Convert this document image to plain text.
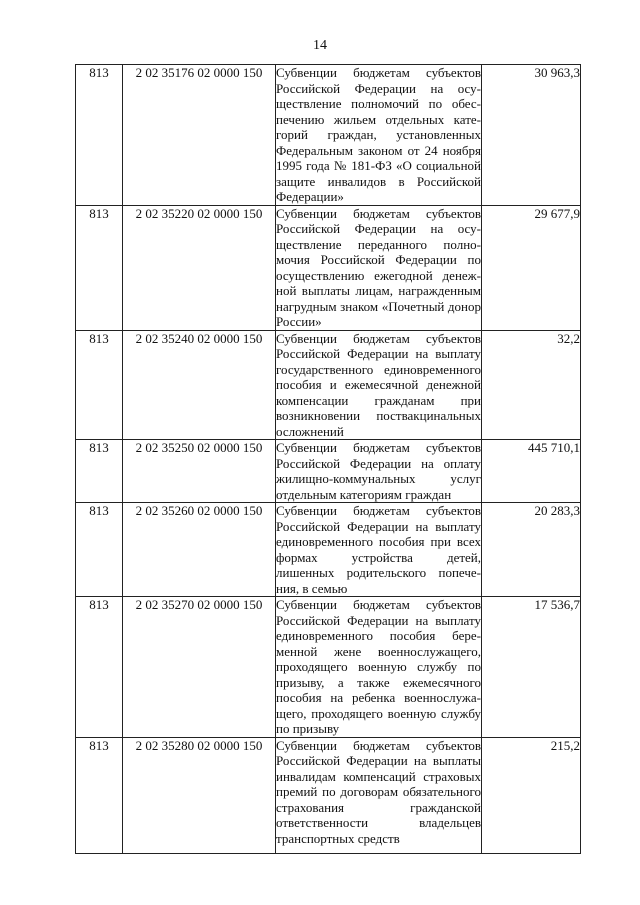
14
813	2 02 35176 02 0000 150	Субвенции бюджетам субъектов Российской Федерации на осуществление полномочий по обеспечению жильем отдельных категорий граждан, установленных Федеральным законом от 24 ноября 1995 года № 181-ФЗ «О социальной защите инвалидов в Российской Федерации»	30 963,3
813	2 02 35220 02 0000 150	Субвенции бюджетам субъектов Российской Федерации на осуществление переданного полномочия Российской Федерации по осуществлению ежегодной денежной выплаты лицам, награжденным нагрудным знаком «Почетный донор России»	29 677,9
813	2 02 35240 02 0000 150	Субвенции бюджетам субъектов Российской Федерации на выплату государственного единовременного пособия и ежемесячной денежной компенсации гражданам при возникновении поствакцинальных осложнений	32,2
813	2 02 35250 02 0000 150	Субвенции бюджетам субъектов Российской Федерации на оплату жилищно-коммунальных услуг отдельным категориям граждан	445 710,1
813	2 02 35260 02 0000 150	Субвенции бюджетам субъектов Российской Федерации на выплату единовременного пособия при всех формах устройства детей, лишенных родительского попечения, в семью	20 283,3
813	2 02 35270 02 0000 150	Субвенции бюджетам субъектов Российской Федерации на выплату единовременного пособия беременной жене военнослужащего, проходящего военную службу по призыву, а также ежемесячного пособия на ребенка военнослужащего, проходящего военную службу по призыву	17 536,7
813	2 02 35280 02 0000 150	Субвенции бюджетам субъектов Российской Федерации на выплаты инвалидам компенсаций страховых премий по договорам обязательного страхования гражданской ответственности владельцев транспортных средств	215,2
